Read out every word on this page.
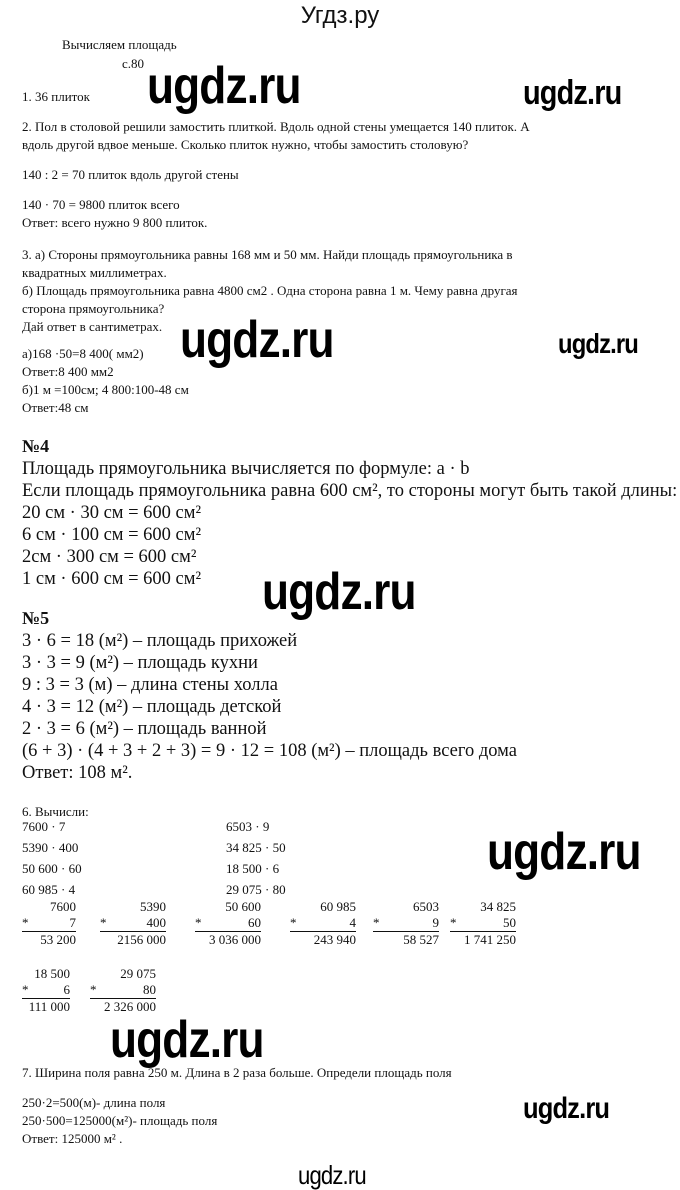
Угдз.ру
Вычисляем площадь
с.80 ugdz.ru	ugdz.ru
ugdz.ru	ugdz.ru
ugdz.ru
ugdz.ru
ugdz.ru
ugdz.ru
ugdz.ru
1. 36 плиток
2. Пол в столовой решили замостить плиткой. Вдоль одной стены умещается 140 плиток. А
вдоль другой вдвое меньше. Сколько плиток нужно, чтобы замостить столовую?
140 : 2 = 70 плиток вдоль другой стены
140 · 70 = 9800 плиток всего
Ответ: всего нужно 9 800 плиток.
3. а) Стороны прямоугольника равны 168 мм и 50 мм. Найди площадь прямоугольника в
квадратных миллиметрах.
б) Площадь прямоугольника равна 4800 см2 . Одна сторона равна 1 м. Чему равна другая
сторона прямоугольника?
Дай ответ в сантиметрах.
а)168 ·50=8 400( мм2)
Ответ:8 400 мм2
б)1 м =100см; 4 800:100-48 см
Ответ:48 см
№4
Площадь прямоугольника вычисляется по формуле: a · b
Если площадь прямоугольника равна 600 см², то стороны могут быть такой длины:
20 см · 30 см = 600 см²
6 см · 100 см = 600 см²
2см · 300 см = 600 см²
1 см · 600 см = 600 см²
№5
3 · 6 = 18 (м²) – площадь прихожей
3 · 3 = 9 (м²) – площадь кухни
9 : 3 = 3 (м) – длина стены холла
4 · 3 = 12 (м²) – площадь детской
2 · 3 = 6 (м²) – площадь ванной
(6 + 3) · (4 + 3 + 2 + 3) = 9 · 12 = 108 (м²) – площадь всего дома
Ответ: 108 м².
6. Вычисли:
7600 · 7
5390 · 400
50 600 · 60
60 985 · 4
6503 · 9
34 825 · 50
18 500 · 6
29 075 · 80
7. Ширина поля равна 250 м. Длина в 2 раза больше. Определи площадь поля
250·2=500(м)- длина поля
250·500=125000(м²)- площадь поля
Ответ: 125000 м² .
7600
*	7
53 200
5390
*	400
2156 000
50 600
*	60
3 036 000
60 985
*	4
243 940
6503
*	9
58 527
34 825
*	50
1 741 250
18 500
*	6
111 000
29 075
*	80
2 326 000
